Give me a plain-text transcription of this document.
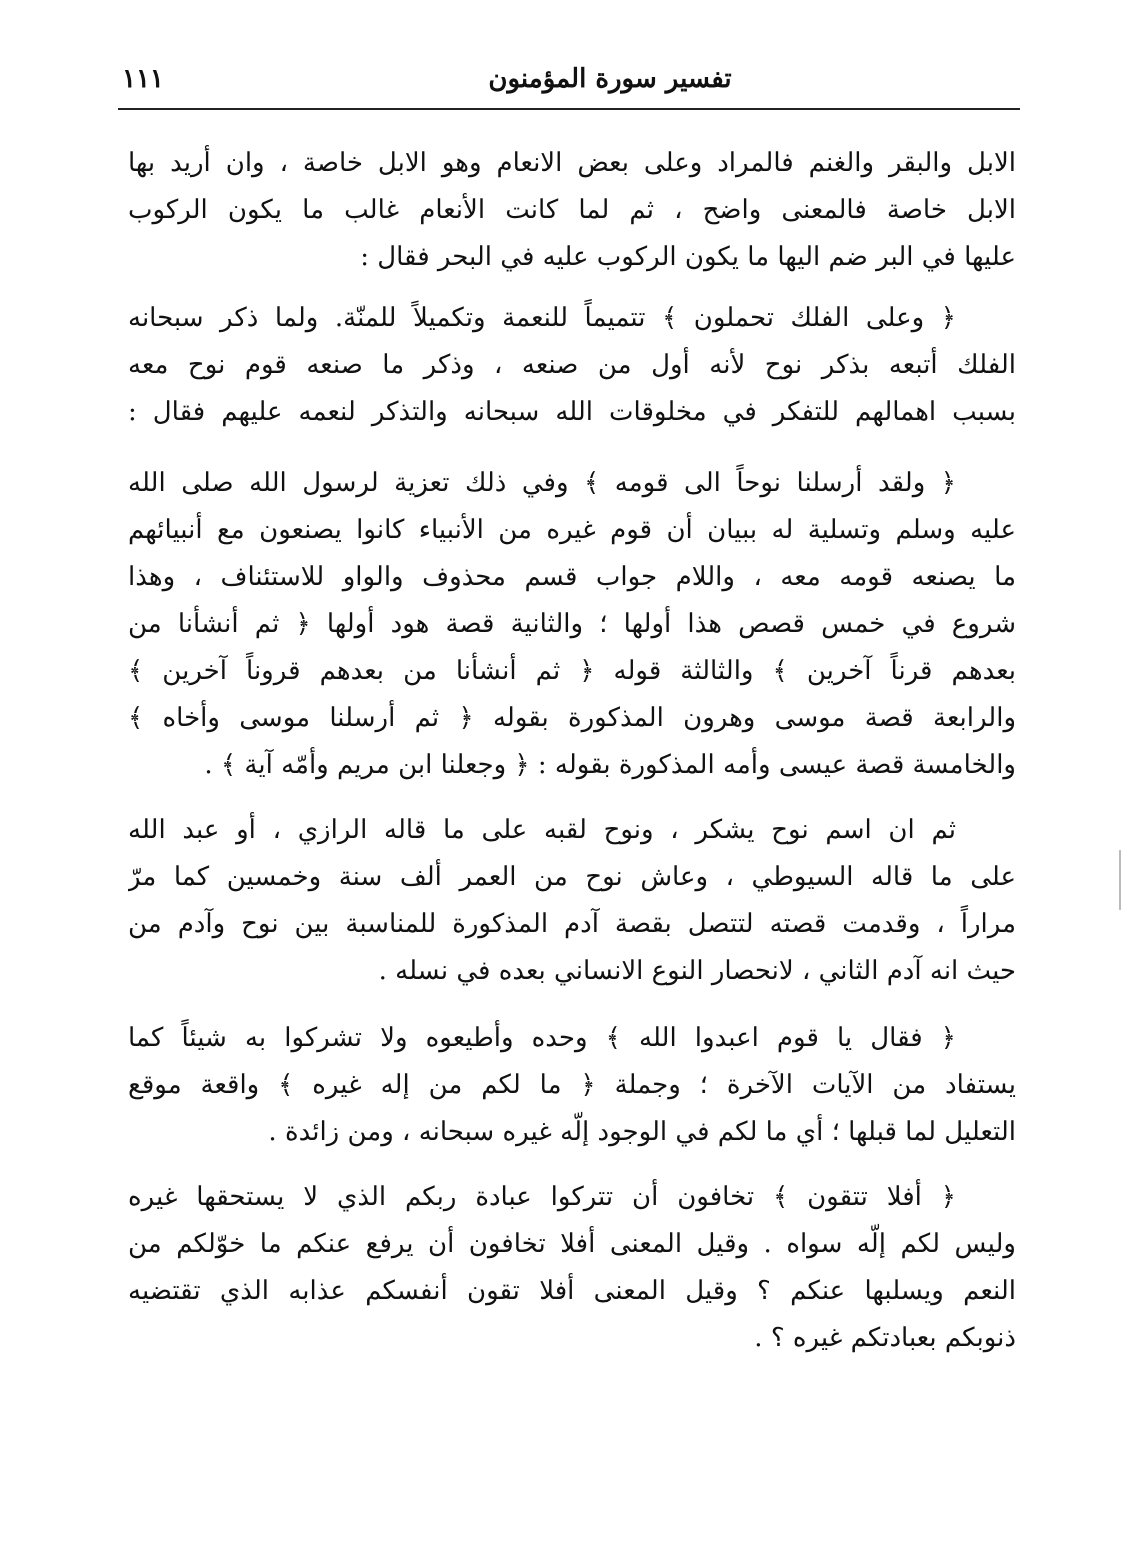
١١١	تفسير سورة المؤمنون
الابل والبقر والغنم فالمراد وعلى بعض الانعام وهو الابل خاصة ، وان أريد بها
الابل خاصة فالمعنى واضح ، ثم لما كانت الأنعام غالب ما يكون الركوب
عليها في البر ضم اليها ما يكون الركوب عليه في البحر فقال :
﴿ وعلى الفلك تحملون ﴾ تتميماً للنعمة وتكميلاً للمنّة. ولما ذكر سبحانه
الفلك أتبعه بذكر نوح لأنه أول من صنعه ، وذكر ما صنعه قوم نوح معه
بسبب اهمالهم للتفكر في مخلوقات الله سبحانه والتذكر لنعمه عليهم فقال :
﴿ ولقد أرسلنا نوحاً الى قومه ﴾ وفي ذلك تعزية لرسول الله صلى الله
عليه وسلم وتسلية له ببيان أن قوم غيره من الأنبياء كانوا يصنعون مع أنبيائهم
ما يصنعه قومه معه ، واللام جواب قسم محذوف والواو للاستئناف ، وهذا
شروع في خمس قصص هذا أولها ؛ والثانية قصة هود أولها ﴿ ثم أنشأنا من
بعدهم قرناً آخرين ﴾ والثالثة قوله ﴿ ثم أنشأنا من بعدهم قروناً آخرين ﴾
والرابعة قصة موسى وهرون المذكورة بقوله ﴿ ثم أرسلنا موسى وأخاه ﴾
والخامسة قصة عيسى وأمه المذكورة بقوله : ﴿ وجعلنا ابن مريم وأمّه آية ﴾ .
ثم ان اسم نوح يشكر ، ونوح لقبه على ما قاله الرازي ، أو عبد الله
على ما قاله السيوطي ، وعاش نوح من العمر ألف سنة وخمسين كما مرّ
مراراً ، وقدمت قصته لتتصل بقصة آدم المذكورة للمناسبة بين نوح وآدم من
حيث انه آدم الثاني ، لانحصار النوع الانساني بعده في نسله .
﴿ فقال يا قوم اعبدوا الله ﴾ وحده وأطيعوه ولا تشركوا به شيئاً كما
يستفاد من الآيات الآخرة ؛ وجملة ﴿ ما لكم من إله غيره ﴾ واقعة موقع
التعليل لما قبلها ؛ أي ما لكم في الوجود إلّه غيره سبحانه ، ومن زائدة .
﴿ أفلا تتقون ﴾ تخافون أن تتركوا عبادة ربكم الذي لا يستحقها غيره
وليس لكم إلّه سواه . وقيل المعنى أفلا تخافون أن يرفع عنكم ما خوّلكم من
النعم ويسلبها عنكم ؟ وقيل المعنى أفلا تقون أنفسكم عذابه الذي تقتضيه
ذنوبكم بعبادتكم غيره ؟ .
